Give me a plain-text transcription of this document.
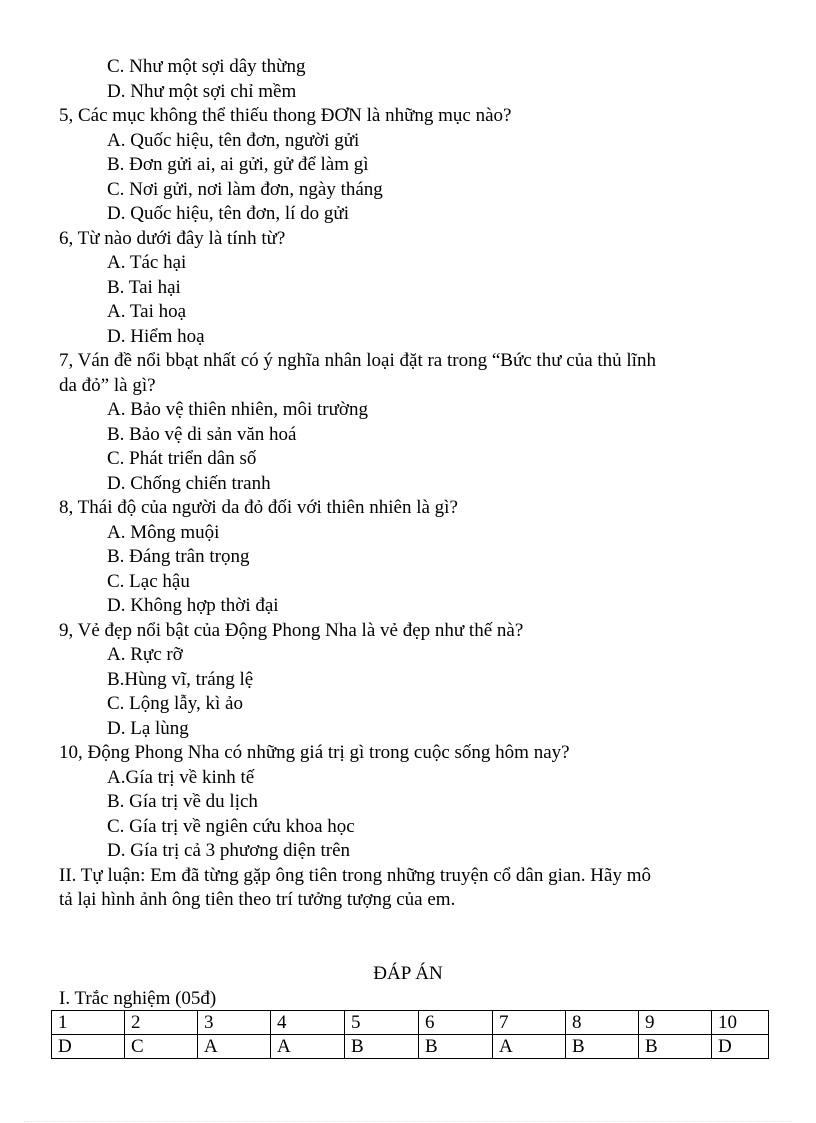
C. Như một sợi dây thừng
D. Như một sợi chỉ mềm
5, Các mục không thể thiếu thong ĐƠN là những mục nào?
A. Quốc hiệu, tên đơn, người gửi
B. Đơn gửi ai, ai gửi, gử để làm gì
C. Nơi gửi, nơi làm đơn, ngày tháng
D. Quốc hiệu, tên đơn, lí do gửi
6, Từ nào dưới đây là tính từ?
A. Tác hại
B. Tai hại
A. Tai hoạ
D. Hiểm hoạ
7, Ván đề nổi bbạt nhất có ý nghĩa nhân loại đặt ra trong “Bức thư của thủ lĩnh
da đỏ” là gì?
A. Bảo vệ thiên nhiên, môi trường
B. Bảo vệ di sản văn hoá
C. Phát triển dân số
D. Chống chiến tranh
8, Thái độ của người da đỏ đối với thiên nhiên là gì?
A. Mông muội
B. Đáng trân trọng
C. Lạc hậu
D. Không hợp thời đại
9, Vẻ đẹp nổi bật của Động Phong Nha là vẻ đẹp như thế nà?
A. Rực rỡ
B.Hùng vĩ, tráng lệ
C. Lộng lẫy, kì ảo
D. Lạ lùng
10, Động Phong Nha có những giá trị gì trong cuộc sống hôm nay?
A.Gía trị về kinh tế
B. Gía trị về du lịch
C. Gía trị về ngiên cứu khoa học
D. Gía trị cả 3 phương diện trên
II. Tự luận: Em đã từng gặp ông tiên trong những truyện cổ dân gian. Hãy mô
tả lại hình ảnh ông tiên theo trí tưởng tượng của em.
ĐÁP ÁN
I. Trắc nghiệm (05đ)
1	2	3	4	5	6	7	8	9	10
D	C	A	A	B	B	A	B	B	D
